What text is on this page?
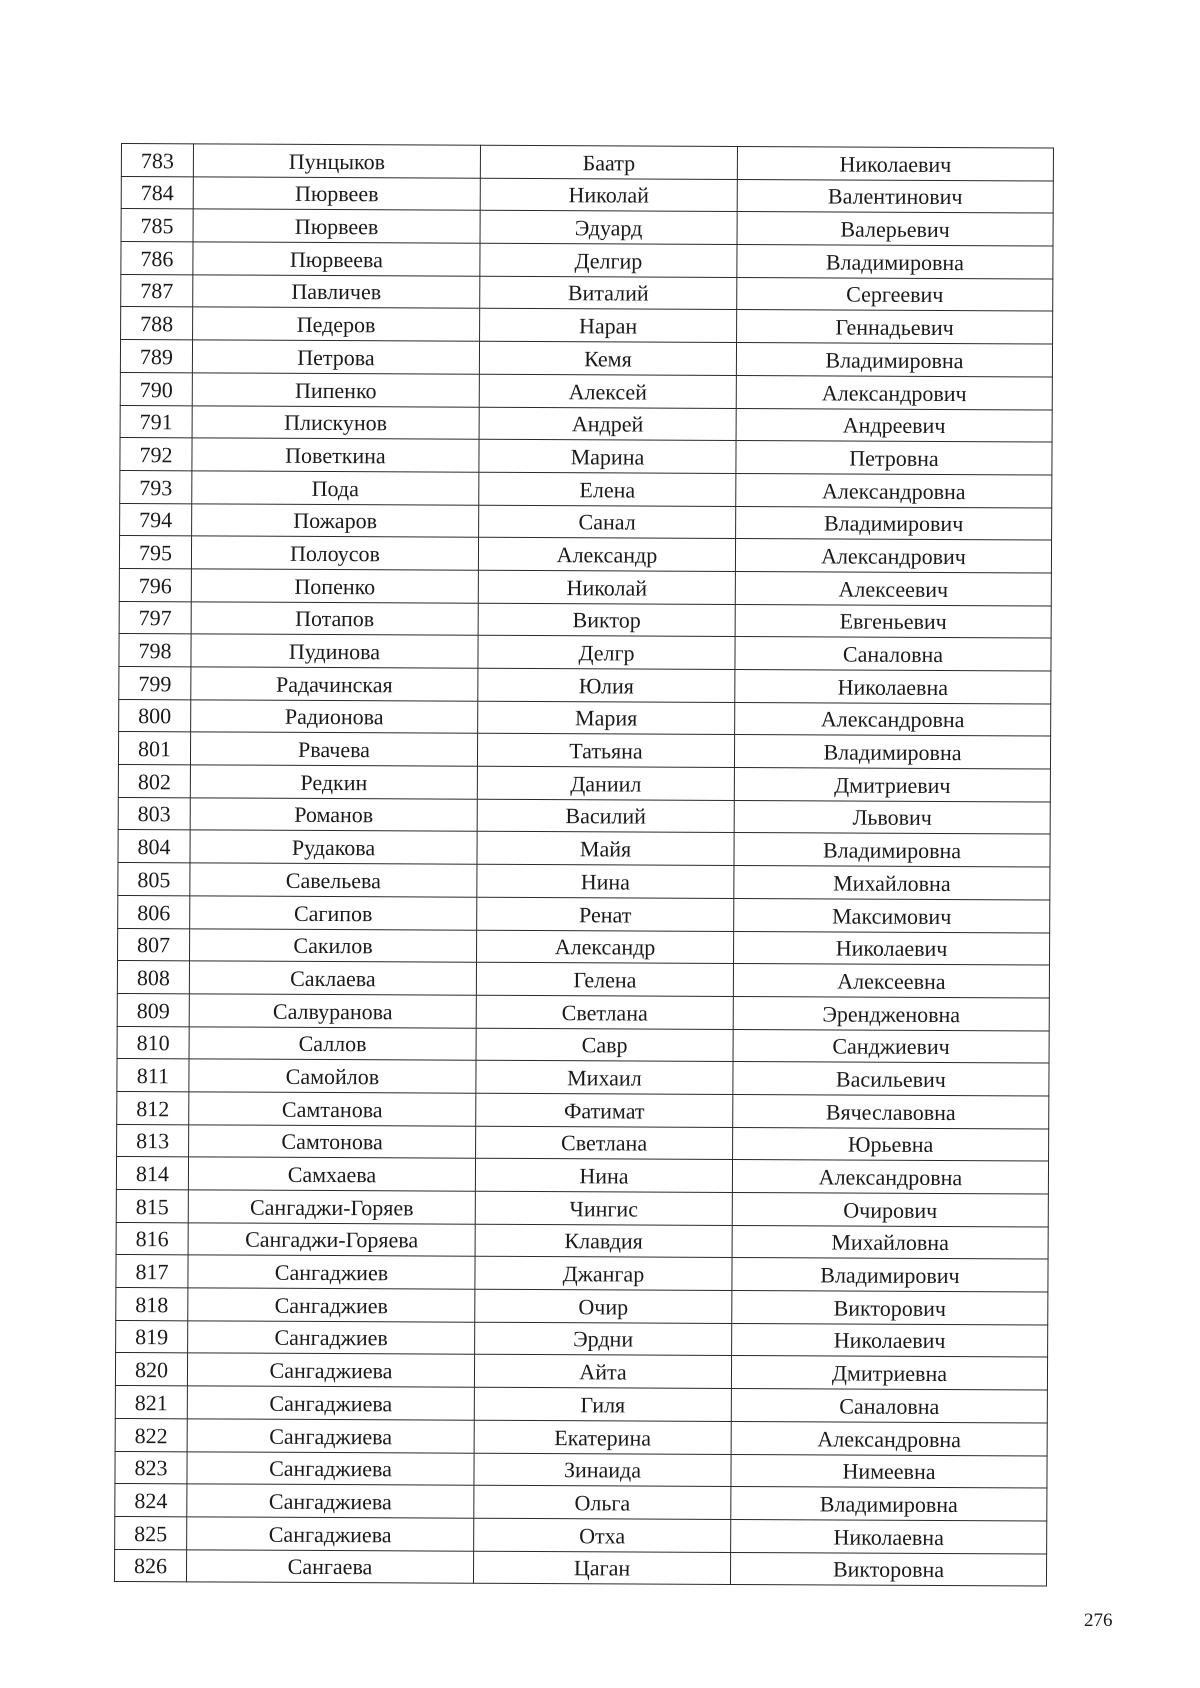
783	Пунцыков	Баатр	Николаевич
784	Пюрвеев	Николай	Валентинович
785	Пюрвеев	Эдуард	Валерьевич
786	Пюрвеева	Делгир	Владимировна
787	Павличев	Виталий	Сергеевич
788	Педеров	Наран	Геннадьевич
789	Петрова	Кемя	Владимировна
790	Пипенко	Алексей	Александрович
791	Плискунов	Андрей	Андреевич
792	Поветкина	Марина	Петровна
793	Пода	Елена	Александровна
794	Пожаров	Санал	Владимирович
795	Полоусов	Александр	Александрович
796	Попенко	Николай	Алексеевич
797	Потапов	Виктор	Евгеньевич
798	Пудинова	Делгр	Саналовна
799	Радачинская	Юлия	Николаевна
800	Радионова	Мария	Александровна
801	Рвачева	Татьяна	Владимировна
802	Редкин	Даниил	Дмитриевич
803	Романов	Василий	Львович
804	Рудакова	Майя	Владимировна
805	Савельева	Нина	Михайловна
806	Сагипов	Ренат	Максимович
807	Сакилов	Александр	Николаевич
808	Саклаева	Гелена	Алексеевна
809	Салвуранова	Светлана	Эрендженовна
810	Саллов	Савр	Санджиевич
811	Самойлов	Михаил	Васильевич
812	Самтанова	Фатимат	Вячеславовна
813	Самтонова	Светлана	Юрьевна
814	Самхаева	Нина	Александровна
815	Сангаджи-Горяев	Чингис	Очирович
816	Сангаджи-Горяева	Клавдия	Михайловна
817	Сангаджиев	Джангар	Владимирович
818	Сангаджиев	Очир	Викторович
819	Сангаджиев	Эрдни	Николаевич
820	Сангаджиева	Айта	Дмитриевна
821	Сангаджиева	Гиля	Саналовна
822	Сангаджиева	Екатерина	Александровна
823	Сангаджиева	Зинаида	Нимеевна
824	Сангаджиева	Ольга	Владимировна
825	Сангаджиева	Отха	Николаевна
826	Сангаева	Цаган	Викторовна
276
